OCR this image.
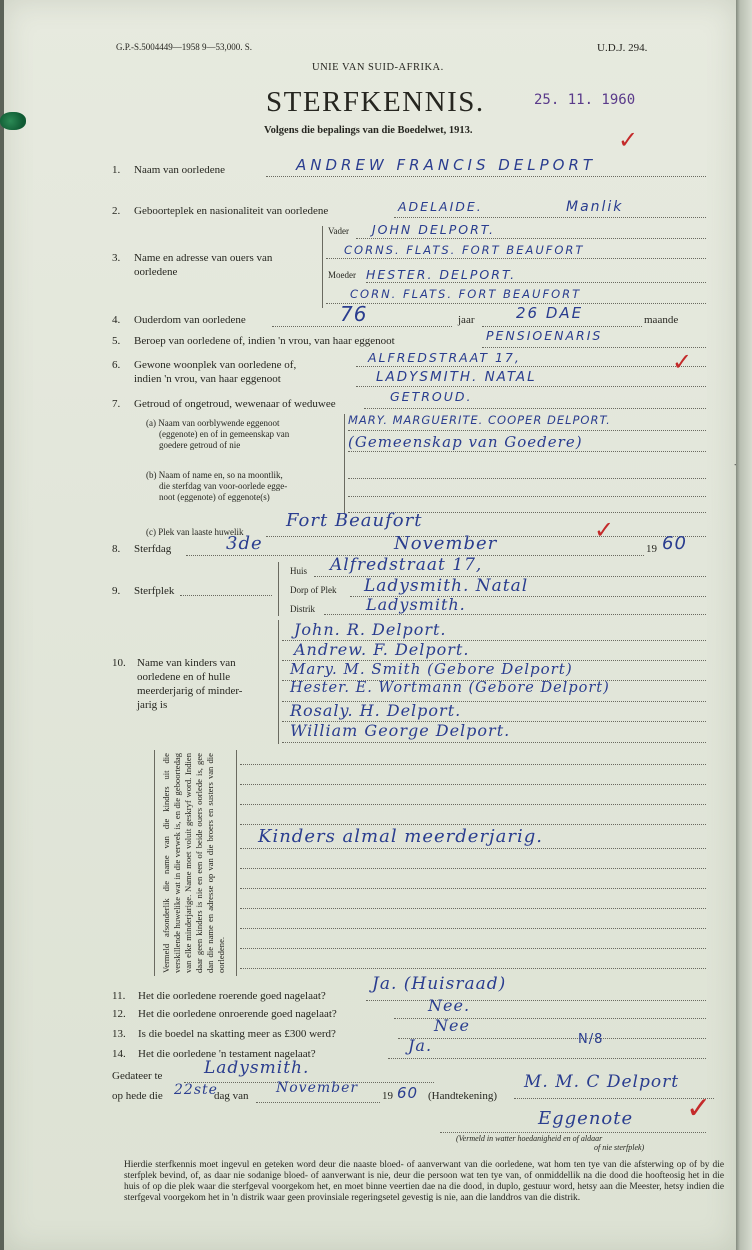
G.P.-S.5004449—1958 9—53,000. S.	U.D.J. 294.
UNIE VAN SUID-AFRIKA.
STERFKENNIS.
Volgens die bepalings van die Boedelwet, 1913.
25. 11. 1960
✓
1. Naam van oorledene	ANDREW FRANCIS DELPORT
2. Geboorteplek en nasionaliteit van oorledene	ADELAIDE.	Manlik
3. Name en adresse van ouers van
oorledene
Vader JOHN DELPORT.
CORNS. FLATS. FORT BEAUFORT
Moeder HESTER. DELPORT.
CORN. FLATS. FORT BEAUFORT
4. Ouderdom van oorledene	76	jaar	26 DAE	maande
5. Beroep van oorledene of, indien 'n vrou, van haar eggenoot	PENSIOENARIS
6. Gewone woonplek van oorledene of,
indien 'n vrou, van haar eggenoot
ALFREDSTRAAT 17,
LADYSMITH. NATAL
✓
7. Getroud of ongetroud, wewenaar of weduwee	GETROUD.
(a) Naam van oorblywende eggenoot
(eggenote) en of in gemeenskap van
goedere getroud of nie
MARY. MARGUERITE. COOPER DELPORT.
(Gemeenskap van Goedere)
(b) Naam of name en, so na moontlik,
die sterfdag van voor-oorlede egge-
noot (eggenote) of eggenote(s)
(c) Plek van laaste huwelik
Fort Beaufort	✓
8. Sterfdag	3de	November	19 60
9. Sterfplek
Huis Alfredstraat 17,
Dorp of Plek Ladysmith. Natal
Distrik	Ladysmith.
10. Name van kinders van
oorledene en of hulle
meerderjarig of minder-
jarig is
John. R. Delport.
Andrew. F. Delport.
Mary. M. Smith (Gebore Delport)
Hester. E. Wortmann (Gebore Delport)
Rosaly. H. Delport.
William George Delport.
Vermeld afsonderlik die name van die kinders uit die verskillende huwelike wat in die verwek is, en die geboortedag van elke minderjarige. Name moet voluit geskryf word. Indien daar geen kinders is nie en een of beide ouers oorlede is, gee dan die name en adresse op van die broers en susters van die oorledene.
Kinders almal meerderjarig.
11. Het die oorledene roerende goed nagelaat?
Ja. (Huisraad)
12. Het die oorledene onroerende goed nagelaat?	Nee.
13. Is die boedel na skatting meer as £300 werd?	Nee
14. Het die oorledene 'n testament nagelaat?	Ja.	N/8
Gedateer te Ladysmith.
op hede die 22ste
dag van November 19 60 (Handtekening)
M. M. C Delport
Eggenote
(Vermeld in watter hoedanigheid en of aldaar
of nie sterfplek)
✓
Hierdie sterfkennis moet ingevul en geteken word deur die naaste bloed- of aanverwant van die oorledene, wat hom ten tye van die afsterwing op of by die sterfplek bevind, of, as daar nie sodanige bloed- of aanverwant is nie, deur die persoon wat ten tye van, of onmiddellik na die dood die hoofteosig het in die huis of op die plek waar die sterfgeval voorgekom het, en moet binne veertien dae na die dood, in duplo, gestuur word, hetsy aan die Meester, hetsy indien die sterfgeval voorgekom het in 'n distrik waar geen provinsiale regeringsetel gevestig is nie, aan die landdros van die distrik.
∙
